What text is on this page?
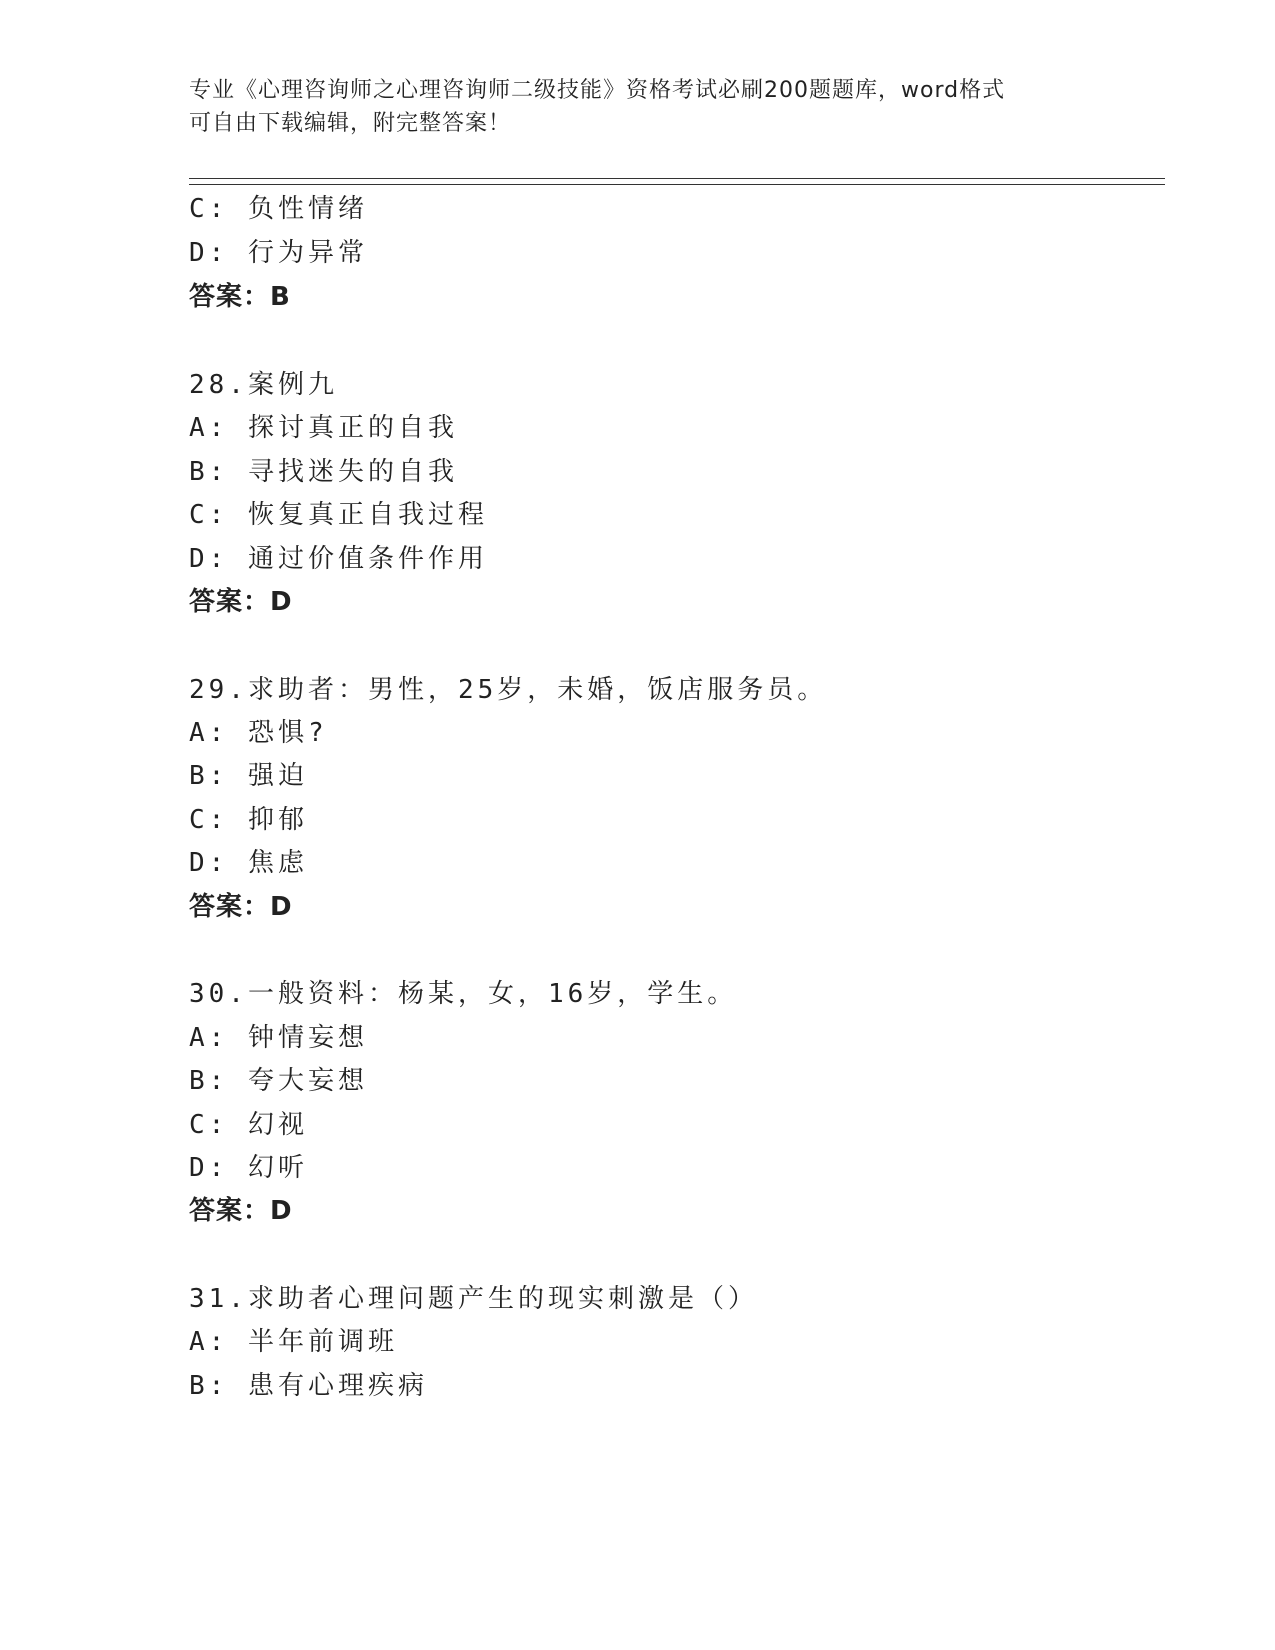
专业《心理咨询师之心理咨询师二级技能》资格考试必刷200题题库，word格式
可自由下载编辑，附完整答案！
C: 负性情绪
D: 行为异常
答案：B
28.案例九
A: 探讨真正的自我
B: 寻找迷失的自我
C: 恢复真正自我过程
D: 通过价值条件作用
答案：D
29.求助者：男性，25岁，未婚，饭店服务员。
A: 恐惧?
B: 强迫
C: 抑郁
D: 焦虑
答案：D
30.一般资料：杨某，女，16岁，学生。
A: 钟情妄想
B: 夸大妄想
C: 幻视
D: 幻听
答案：D
31.求助者心理问题产生的现实刺激是（）
A: 半年前调班
B: 患有心理疾病
